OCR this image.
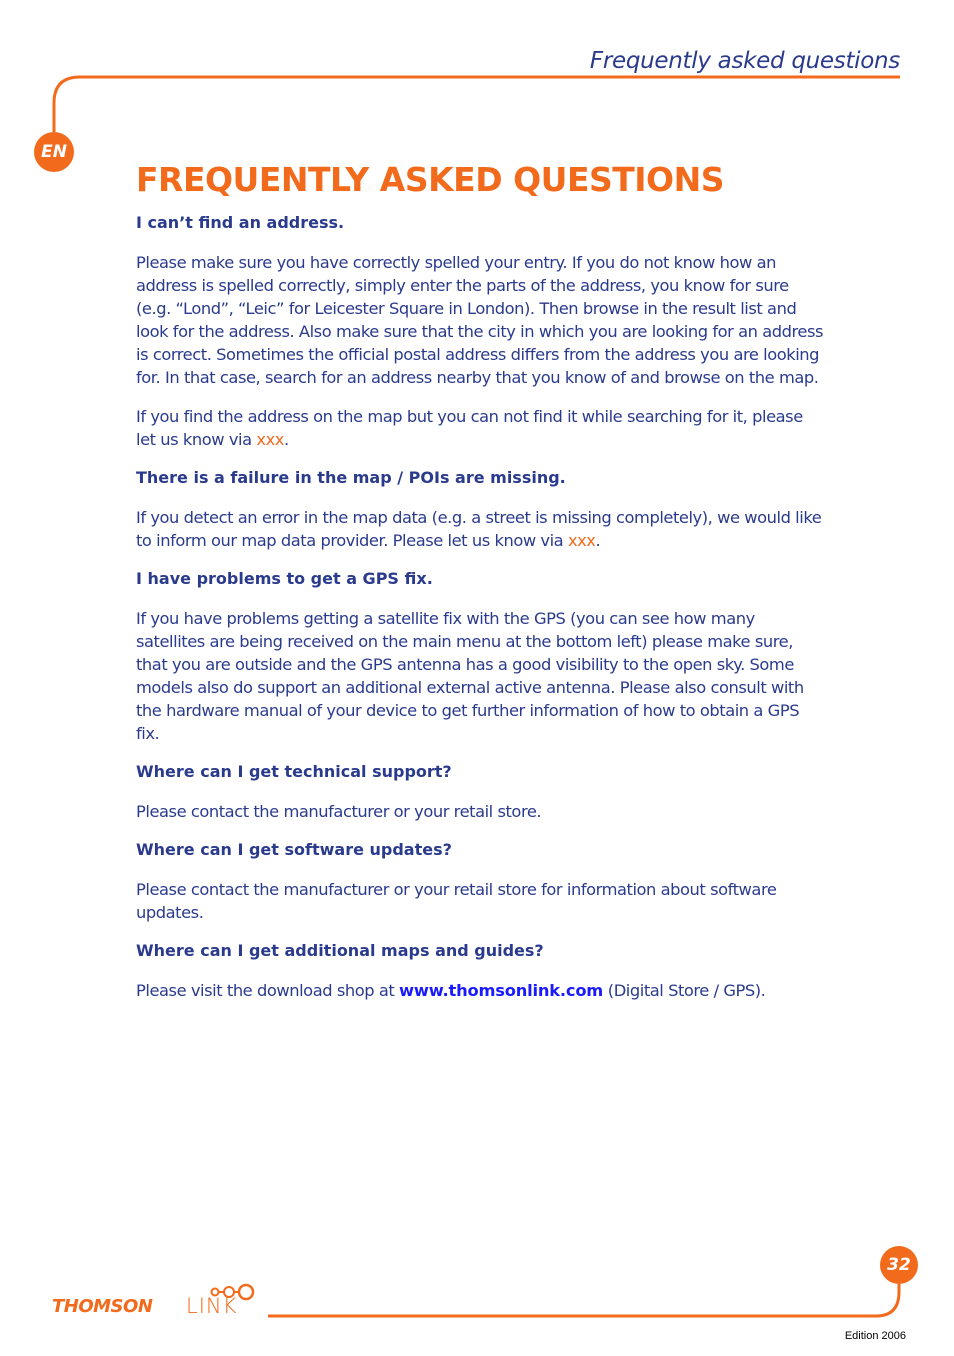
Frequently asked questions
EN
FREQUENTLY ASKED QUESTIONS
I can’t find an address.

Please make sure you have correctly spelled your entry. If you do not know how an address is spelled correctly, simply enter the parts of the address, you know for sure (e.g. “Lond”, “Leic” for Leicester Square in London). Then browse in the result list and look for the address. Also make sure that the city in which you are looking for an address is correct. Sometimes the official postal address differs from the address you are looking for. In that case, search for an address nearby that you know of and browse on the map.

If you find the address on the map but you can not find it while searching for it, please let us know via xxx.

There is a failure in the map / POIs are missing.

If you detect an error in the map data (e.g. a street is missing completely), we would like to inform our map data provider. Please let us know via xxx.

I have problems to get a GPS fix.

If you have problems getting a satellite fix with the GPS (you can see how many satellites are being received on the main menu at the bottom left) please make sure, that you are outside and the GPS antenna has a good visibility to the open sky. Some models also do support an additional external active antenna. Please also consult with the hardware manual of your device to get further information of how to obtain a GPS fix.

Where can I get technical support?

Please contact the manufacturer or your retail store.

Where can I get software updates?

Please contact the manufacturer or your retail store for information about software updates.

Where can I get additional maps and guides?

Please visit the download shop at www.thomsonlink.com (Digital Store / GPS).

32
THOMSON LINK
Edition 2006
